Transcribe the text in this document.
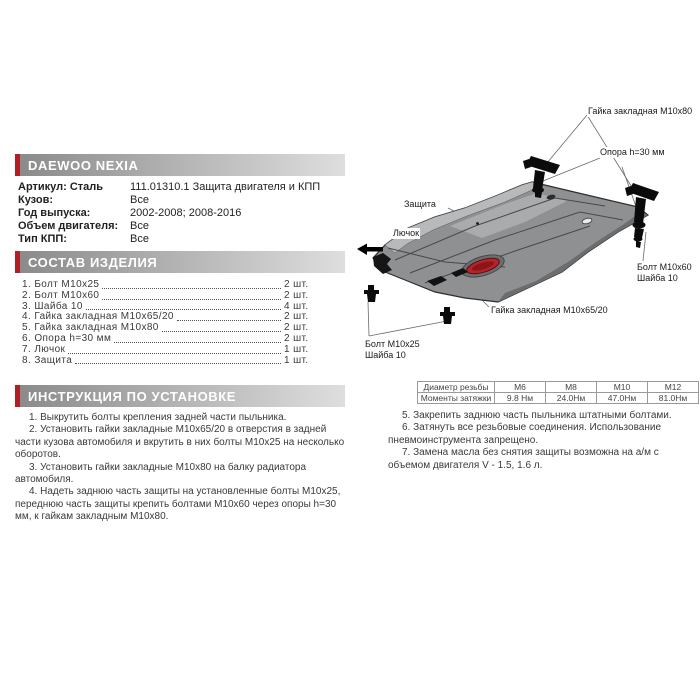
DAEWOO NEXIA
Артикул: Сталь	111.01310.1 Защита двигателя и КПП
Кузов:	Все
Год выпуска:	2002-2008; 2008-2016
Объем двигателя:	Все
Тип КПП:	Все
СОСТАВ ИЗДЕЛИЯ
1. Болт М10х25	2 шт.
2. Болт М10х60	2 шт.
3. Шайба 10	4 шт.
4. Гайка закладная М10х65/20	2 шт.
5. Гайка закладная М10х80	2 шт.
6. Опора h=30 мм	2 шт.
7. Лючок	1 шт.
8. Защита	1 шт.
ИНСТРУКЦИЯ ПО УСТАНОВКЕ

1. Выкрутить болты крепления задней части пыльника.

2. Установить гайки закладные М10х65/20 в отверстия в задней части кузова автомобиля и вкрутить в них болты М10х25 на несколько оборотов.

3. Установить гайки закладные М10х80 на балку радиатора автомобиля.

4. Надеть заднюю часть защиты на установленные болты М10х25, переднюю часть защиты крепить болтами М10х60 через опоры h=30 мм, к гайкам закладным М10х80.

Диаметр резьбы	М6	М8	М10	М12
Моменты затяжки	9.8 Нм	24.0Нм	47.0Нм	81.0Нм

5. Закрепить заднюю часть пыльника штатными болтами.

6. Затянуть все резьбовые соединения. Использование пневмоинструмента запрещено.

7. Замена масла без снятия защиты возможна на а/м с объемом двигателя V - 1.5, 1.6 л.

Гайка закладная М10х80
Опора h=30 мм
Защита
Лючок
Болт М10х60
Шайба 10
Гайка закладная М10х65/20
Болт М10х25
Шайба 10
